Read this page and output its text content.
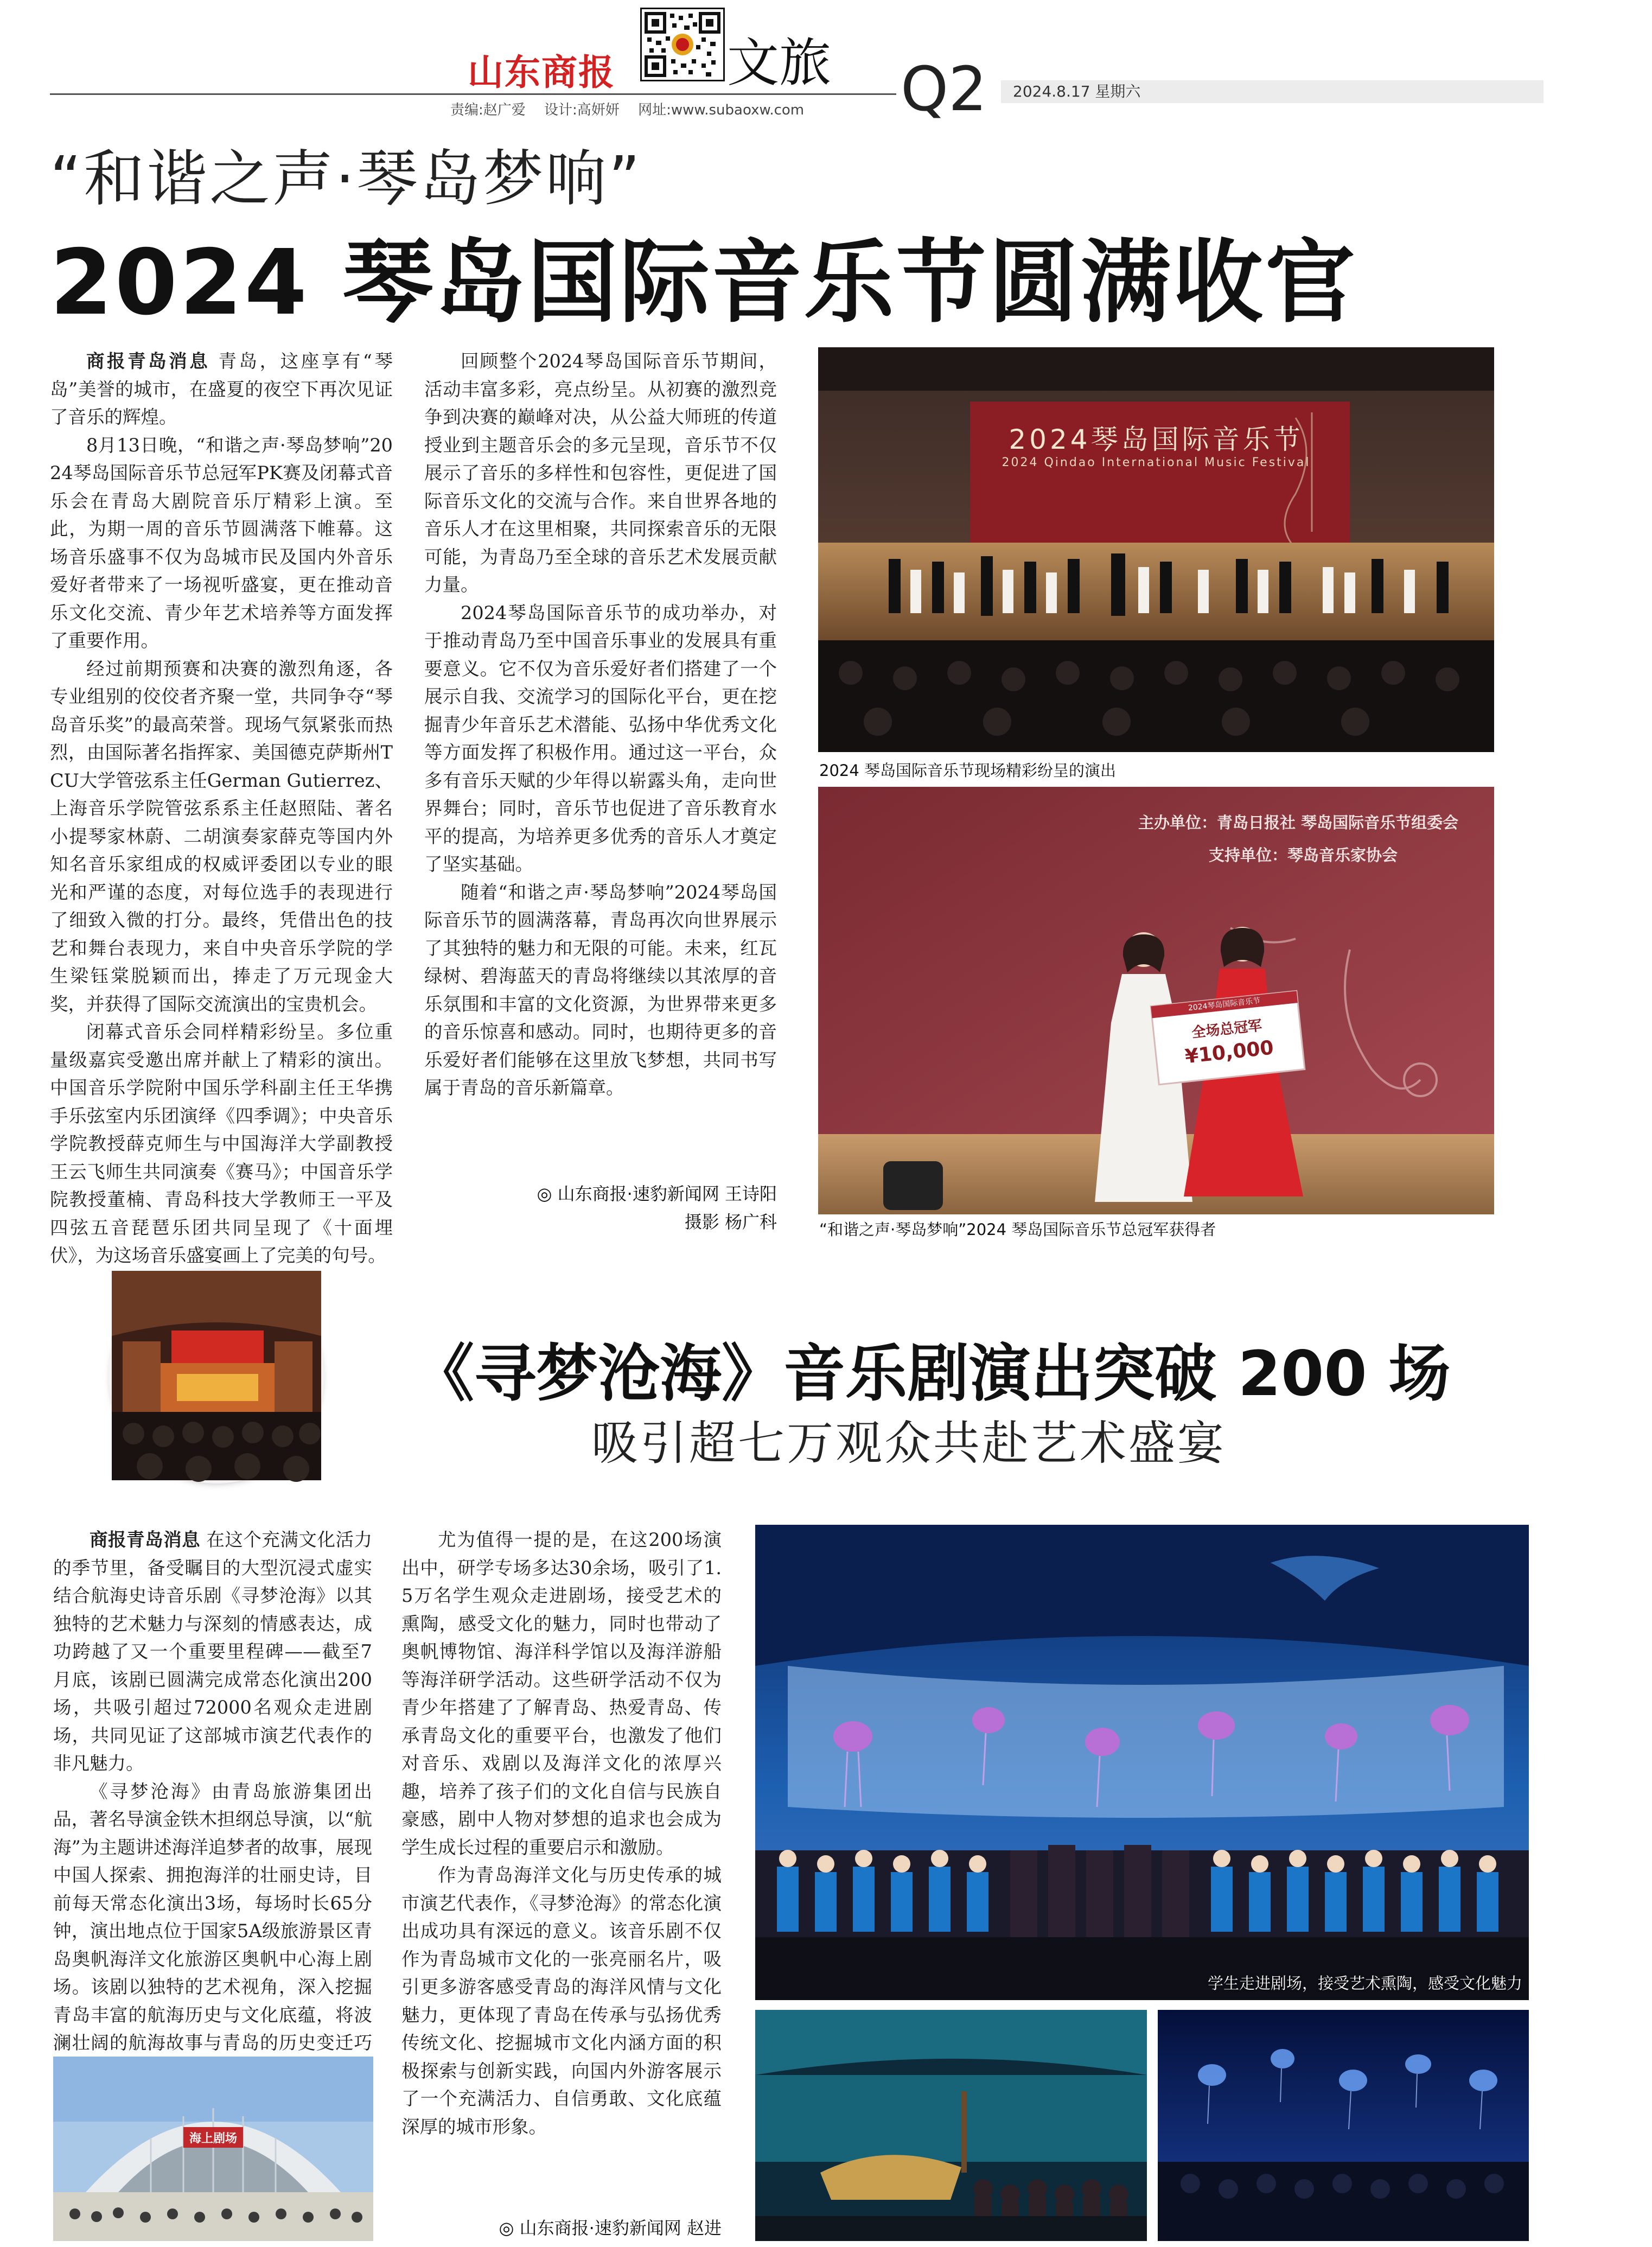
山东商报 文旅
责编:赵广爱 设计:高妍妍 网址:www.subaoxw.com Q2	2024.8.17 星期六
“和谐之声·琴岛梦响”
2024 琴岛国际音乐节圆满收官

商报青岛消息 青岛，这座享有“琴岛”美誉的城市，在盛夏的夜空下再次见证了音乐的辉煌。

8月13日晚，“和谐之声·琴岛梦响”2024琴岛国际音乐节总冠军PK赛及闭幕式音乐会在青岛大剧院音乐厅精彩上演。至此，为期一周的音乐节圆满落下帷幕。这场音乐盛事不仅为岛城市民及国内外音乐爱好者带来了一场视听盛宴，更在推动音乐文化交流、青少年艺术培养等方面发挥了重要作用。

经过前期预赛和决赛的激烈角逐，各专业组别的佼佼者齐聚一堂，共同争夺“琴岛音乐奖”的最高荣誉。现场气氛紧张而热烈，由国际著名指挥家、美国德克萨斯州TCU大学管弦系主任German Gutierrez、上海音乐学院管弦系系主任赵照陆、著名小提琴家林蔚、二胡演奏家薛克等国内外知名音乐家组成的权威评委团以专业的眼光和严谨的态度，对每位选手的表现进行了细致入微的打分。最终，凭借出色的技艺和舞台表现力，来自中央音乐学院的学生梁钰棠脱颖而出，捧走了万元现金大奖，并获得了国际交流演出的宝贵机会。

闭幕式音乐会同样精彩纷呈。多位重量级嘉宾受邀出席并献上了精彩的演出。中国音乐学院附中国乐学科副主任王华携手乐弦室内乐团演绎《四季调》；中央音乐学院教授薛克师生与中国海洋大学副教授王云飞师生共同演奏《赛马》；中国音乐学院教授董楠、青岛科技大学教师王一平及四弦五音琵琶乐团共同呈现了《十面埋伏》，为这场音乐盛宴画上了完美的句号。

回顾整个2024琴岛国际音乐节期间，活动丰富多彩，亮点纷呈。从初赛的激烈竞争到决赛的巅峰对决，从公益大师班的传道授业到主题音乐会的多元呈现，音乐节不仅展示了音乐的多样性和包容性，更促进了国际音乐文化的交流与合作。来自世界各地的音乐人才在这里相聚，共同探索音乐的无限可能，为青岛乃至全球的音乐艺术发展贡献力量。

2024琴岛国际音乐节的成功举办，对于推动青岛乃至中国音乐事业的发展具有重要意义。它不仅为音乐爱好者们搭建了一个展示自我、交流学习的国际化平台，更在挖掘青少年音乐艺术潜能、弘扬中华优秀文化等方面发挥了积极作用。通过这一平台，众多有音乐天赋的少年得以崭露头角，走向世界舞台；同时，音乐节也促进了音乐教育水平的提高，为培养更多优秀的音乐人才奠定了坚实基础。

随着“和谐之声·琴岛梦响”2024琴岛国际音乐节的圆满落幕，青岛再次向世界展示了其独特的魅力和无限的可能。未来，红瓦绿树、碧海蓝天的青岛将继续以其浓厚的音乐氛围和丰富的文化资源，为世界带来更多的音乐惊喜和感动。同时，也期待更多的音乐爱好者们能够在这里放飞梦想，共同书写属于青岛的音乐新篇章。

◎ 山东商报·速豹新闻网 王诗阳
摄影 杨广科
2024琴岛国际音乐节
2024 Qindao International Music Festival
2024 琴岛国际音乐节现场精彩纷呈的演出
主办单位：青岛日报社 琴岛国际音乐节组委会
支持单位：琴岛音乐家协会
2024琴岛国际音乐节
全场总冠军
¥10,000
“和谐之声·琴岛梦响”2024 琴岛国际音乐节总冠军获得者
《寻梦沧海》音乐剧演出突破 200 场
吸引超七万观众共赴艺术盛宴

商报青岛消息 在这个充满文化活力的季节里，备受瞩目的大型沉浸式虚实结合航海史诗音乐剧《寻梦沧海》以其独特的艺术魅力与深刻的情感表达，成功跨越了又一个重要里程碑——截至7月底，该剧已圆满完成常态化演出200场，共吸引超过72000名观众走进剧场，共同见证了这部城市演艺代表作的非凡魅力。

《寻梦沧海》由青岛旅游集团出品，著名导演金铁木担纲总导演，以“航海”为主题讲述海洋追梦者的故事，展现中国人探索、拥抱海洋的壮丽史诗，目前每天常态化演出3场，每场时长65分钟，演出地点位于国家5A级旅游景区青岛奥帆海洋文化旅游区奥帆中心海上剧场。该剧以独特的艺术视角，深入挖掘青岛丰富的航海历史与文化底蕴，将波澜壮阔的航海故事与青岛的历史变迁巧

海上剧场

尤为值得一提的是，在这200场演出中，研学专场多达30余场，吸引了1.5万名学生观众走进剧场，接受艺术的熏陶，感受文化的魅力，同时也带动了奥帆博物馆、海洋科学馆以及海洋游船等海洋研学活动。这些研学活动不仅为青少年搭建了了解青岛、热爱青岛、传承青岛文化的重要平台，也激发了他们对音乐、戏剧以及海洋文化的浓厚兴趣，培养了孩子们的文化自信与民族自豪感，剧中人物对梦想的追求也会成为学生成长过程的重要启示和激励。

作为青岛海洋文化与历史传承的城市演艺代表作，《寻梦沧海》的常态化演出成功具有深远的意义。该音乐剧不仅作为青岛城市文化的一张亮丽名片，吸引更多游客感受青岛的海洋风情与文化魅力，更体现了青岛在传承与弘扬优秀传统文化、挖掘城市文化内涵方面的积极探索与创新实践，向国内外游客展示了一个充满活力、自信勇敢、文化底蕴深厚的城市形象。

◎ 山东商报·速豹新闻网 赵进
学生走进剧场，接受艺术熏陶，感受文化魅力
